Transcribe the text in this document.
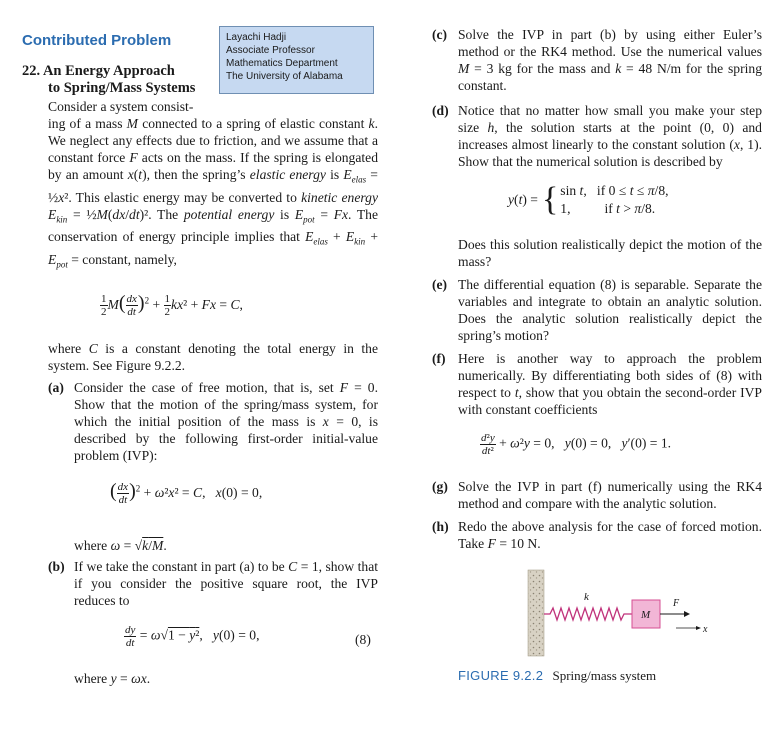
Contributed Problem	Layachi Hadji
Associate Professor
Mathematics Department
The University of Alabama
22. An Energy Approach
to Spring/Mass Systems
Consider a system consist-
ing of a mass M connected to a spring of elastic constant k. We neglect any effects due to friction, and we assume that a constant force F acts on the mass. If the spring is elongated by an amount x(t), then the spring’s elastic energy is $E_{elas}$ = ½x². This elastic energy may be converted to kinetic energy $E_{kin}$ = ½M(dx/dt)². The potential energy is $E_{pot} = Fx$. The conservation of energy principle implies that $E_{elas} + E_{kin} + E_{pot}$ = constant, namely,
$\frac{1}{2} M( \frac{dx}{dt} )^2 + \frac{1}{2} kx^2 + Fx = C$,
where C is a constant denoting the total energy in the system. See Figure 9.2.2.
(a) Consider the case of free motion, that is, set F = 0. Show that the motion of the spring/mass system, for which the initial position of the mass is x = 0, is described by the following first-order initial-value problem (IVP):
( $\frac{dx}{dt} )^2 + \omega^2x^2 = C$,   x(0) = 0,
where ω = √k/M.
(b) If we take the constant in part (a) to be C = 1, show that if you consider the positive square root, the IVP reduces to
$\frac{dy}{dt} = \omega√1 - y^2$,   y(0) = 0,	(8)
where y = ωx.
(c) Solve the IVP in part (b) by using either Euler’s method or the RK4 method. Use the numerical values M = 3 kg for the mass and k = 48 N/m for the spring constant.
(d) Notice that no matter how small you make your step size h, the solution starts at the point (0, 0) and increases almost linearly to the constant solution (x, 1). Show that the numerical solution is described by
y(t) = { sin t,   if 0 ≤ t ≤ π/8,
1,          if t > π/8.
Does this solution realistically depict the motion of the mass?
(e) The differential equation (8) is separable. Separate the variables and integrate to obtain an analytic solution. Does the analytic solution realistically depict the spring’s motion?
(f) Here is another way to approach the problem numerically. By differentiating both sides of (8) with respect to t, show that you obtain the second-order IVP with constant coefficients
$\frac{\text{d²y}}{\text{dt²}} + \omega^2y = 0$,   y(0) = 0,   y′(0) = 1.
(g) Solve the IVP in part (f) numerically using the RK4 method and compare with the analytic solution.
(h) Redo the above analysis for the case of forced motion. Take F = 10 N.
k
M
F
x
FIGURE 9.2.2 Spring/mass system
